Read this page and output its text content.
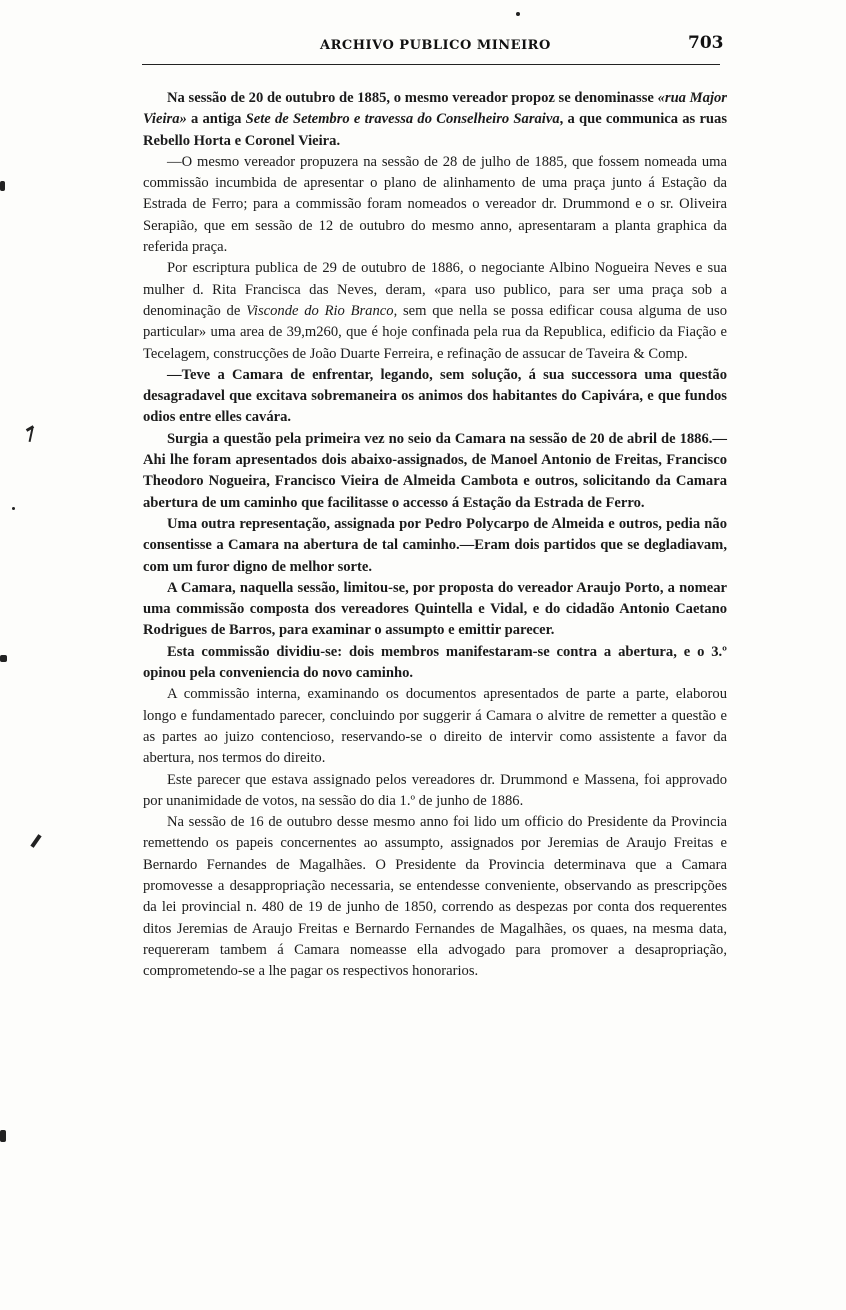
ARCHIVO PUBLICO MINEIRO	703

Na sessão de 20 de outubro de 1885, o mesmo vereador propoz se denominasse «rua Major Vieira» a antiga Sete de Setembro e travessa do Conselheiro Saraiva, a que communica as ruas Rebello Horta e Coronel Vieira.

—O mesmo vereador propuzera na sessão de 28 de julho de 1885, que fossem nomeada uma commissão incumbida de apresentar o plano de alinhamento de uma praça junto á Estação da Estrada de Ferro; para a commissão foram nomeados o vereador dr. Drummond e o sr. Oliveira Serapião, que em sessão de 12 de outubro do mesmo anno, apresentaram a planta graphica da referida praça.

Por escriptura publica de 29 de outubro de 1886, o negociante Albino Nogueira Neves e sua mulher d. Rita Francisca das Neves, deram, «para uso publico, para ser uma praça sob a denominação de Visconde do Rio Branco, sem que nella se possa edificar cousa alguma de uso particular» uma area de 39,m260, que é hoje confinada pela rua da Republica, edificio da Fiação e Tecelagem, construcções de João Duarte Ferreira, e refinação de assucar de Taveira & Comp.

—Teve a Camara de enfrentar, legando, sem solução, á sua successora uma questão desagradavel que excitava sobremaneira os animos dos habitantes do Capivára, e que fundos odios entre elles cavára.

Surgia a questão pela primeira vez no seio da Camara na sessão de 20 de abril de 1886.—Ahi lhe foram apresentados dois abaixo-assignados, de Manoel Antonio de Freitas, Francisco Theodoro Nogueira, Francisco Vieira de Almeida Cambota e outros, solicitando da Camara abertura de um caminho que facilitasse o accesso á Estação da Estrada de Ferro.

Uma outra representação, assignada por Pedro Polycarpo de Almeida e outros, pedia não consentisse a Camara na abertura de tal caminho.—Eram dois partidos que se degladiavam, com um furor digno de melhor sorte.

A Camara, naquella sessão, limitou-se, por proposta do vereador Araujo Porto, a nomear uma commissão composta dos vereadores Quintella e Vidal, e do cidadão Antonio Caetano Rodrigues de Barros, para examinar o assumpto e emittir parecer.

Esta commissão dividiu-se: dois membros manifestaram-se contra a abertura, e o 3.º opinou pela conveniencia do novo caminho.

A commissão interna, examinando os documentos apresentados de parte a parte, elaborou longo e fundamentado parecer, concluindo por suggerir á Camara o alvitre de remetter a questão e as partes ao juizo contencioso, reservando-se o direito de intervir como assistente a favor da abertura, nos termos do direito.

Este parecer que estava assignado pelos vereadores dr. Drummond e Massena, foi approvado por unanimidade de votos, na sessão do dia 1.º de junho de 1886.

Na sessão de 16 de outubro desse mesmo anno foi lido um officio do Presidente da Provincia remettendo os papeis concernentes ao assumpto, assignados por Jeremias de Araujo Freitas e Bernardo Fernandes de Magalhães. O Presidente da Provincia determinava que a Camara promovesse a desappropriação necessaria, se entendesse conveniente, observando as prescripções da lei provincial n. 480 de 19 de junho de 1850, correndo as despezas por conta dos requerentes ditos Jeremias de Araujo Freitas e Bernardo Fernandes de Magalhães, os quaes, na mesma data, requereram tambem á Camara nomeasse ella advogado para promover a desapropriação, comprometendo-se a lhe pagar os respectivos honorarios.
